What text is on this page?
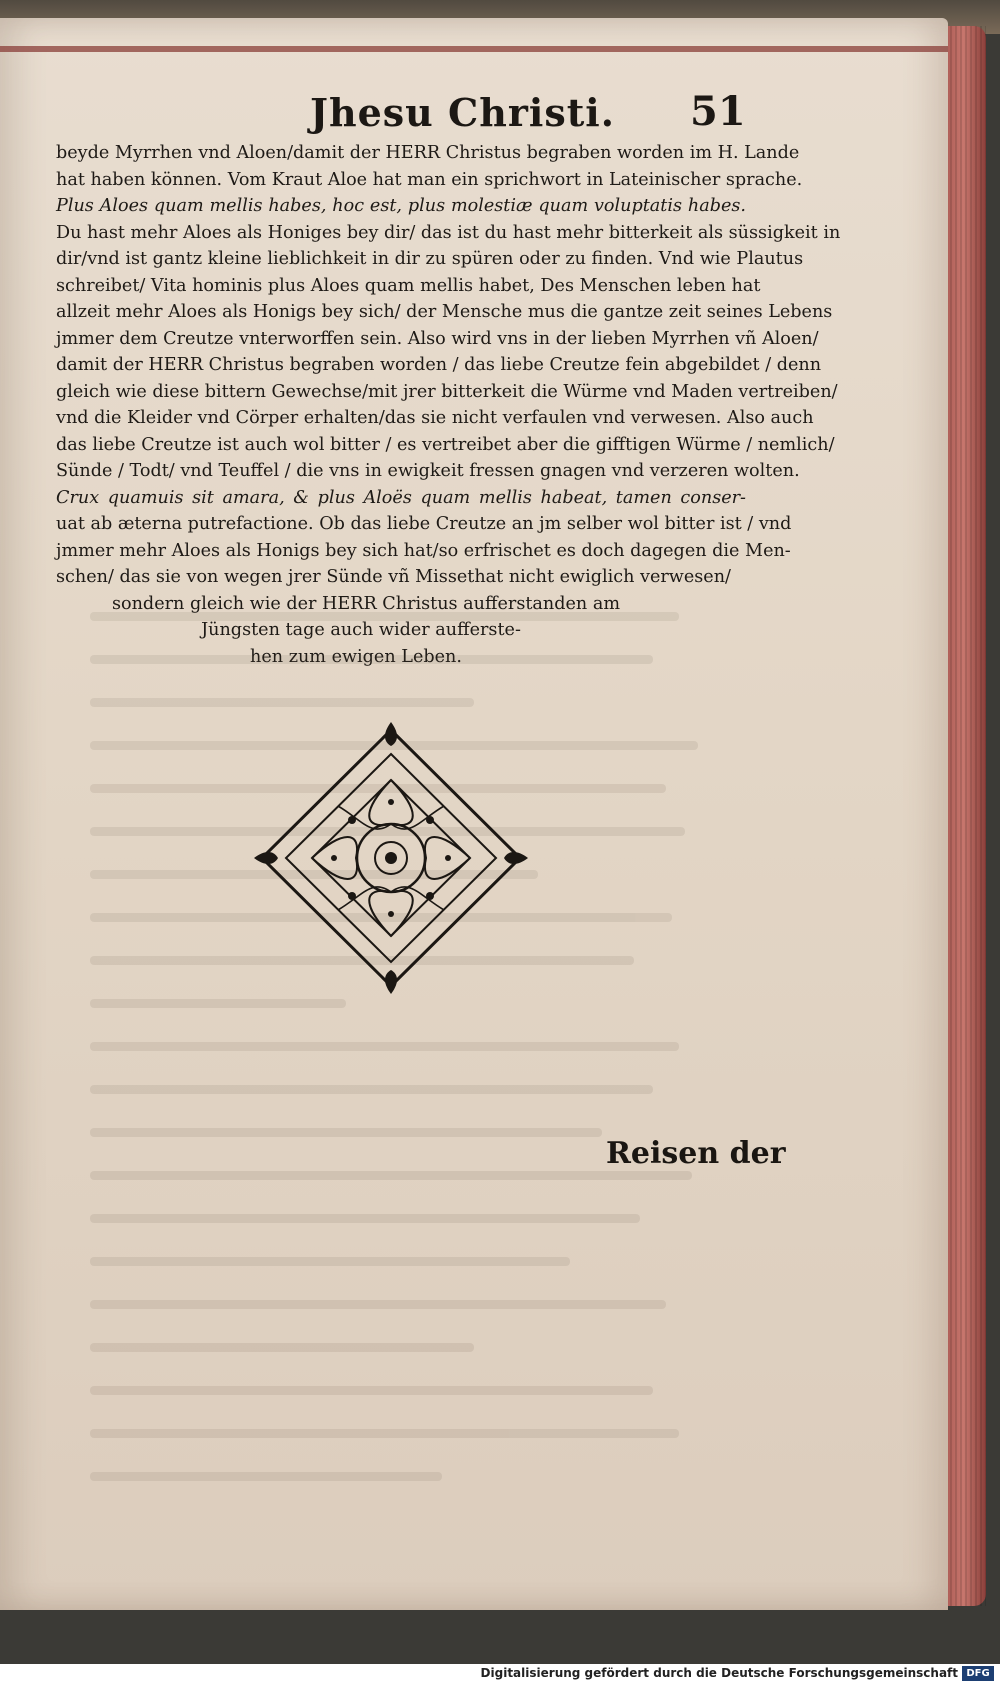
Jhesu Christi. 51
beyde Myrrhen vnd Aloen/damit der HERR Christus begraben worden im H. Lande
hat haben können. Vom Kraut Aloe hat man ein sprichwort in Lateinischer sprache.
Plus Aloes quam mellis habes, hoc est, plus molestiæ quam voluptatis habes.
Du hast mehr Aloes als Honiges bey dir/ das ist du hast mehr bitterkeit als süssigkeit in
dir/vnd ist gantz kleine lieblichkeit in dir zu spüren oder zu finden. Vnd wie Plautus
schreibet/ Vita hominis plus Aloes quam mellis habet, Des Menschen leben hat
allzeit mehr Aloes als Honigs bey sich/ der Mensche mus die gantze zeit seines Lebens
jmmer dem Creutze vnterworffen sein. Also wird vns in der lieben Myrrhen vñ Aloen/
damit der HERR Christus begraben worden / das liebe Creutze fein abgebildet / denn
gleich wie diese bittern Gewechse/mit jrer bitterkeit die Würme vnd Maden vertreiben/
vnd die Kleider vnd Cörper erhalten/das sie nicht verfaulen vnd verwesen. Also auch
das liebe Creutze ist auch wol bitter / es vertreibet aber die gifftigen Würme / nemlich/
Sünde / Todt/ vnd Teuffel / die vns in ewigkeit fressen gnagen vnd verzeren wolten.
Crux quamuis sit amara, & plus Aloës quam mellis habeat, tamen conser-
uat ab æterna putrefactione. Ob das liebe Creutze an jm selber wol bitter ist / vnd
jmmer mehr Aloes als Honigs bey sich hat/so erfrischet es doch dagegen die Men-
schen/ das sie von wegen jrer Sünde vñ Missethat nicht ewiglich verwesen/
sondern gleich wie der HERR Christus aufferstanden am
Jüngsten tage auch wider aufferste-
hen zum ewigen Leben.
Reisen der
Digitalisierung gefördert durch die Deutsche Forschungsgemeinschaft DFG
